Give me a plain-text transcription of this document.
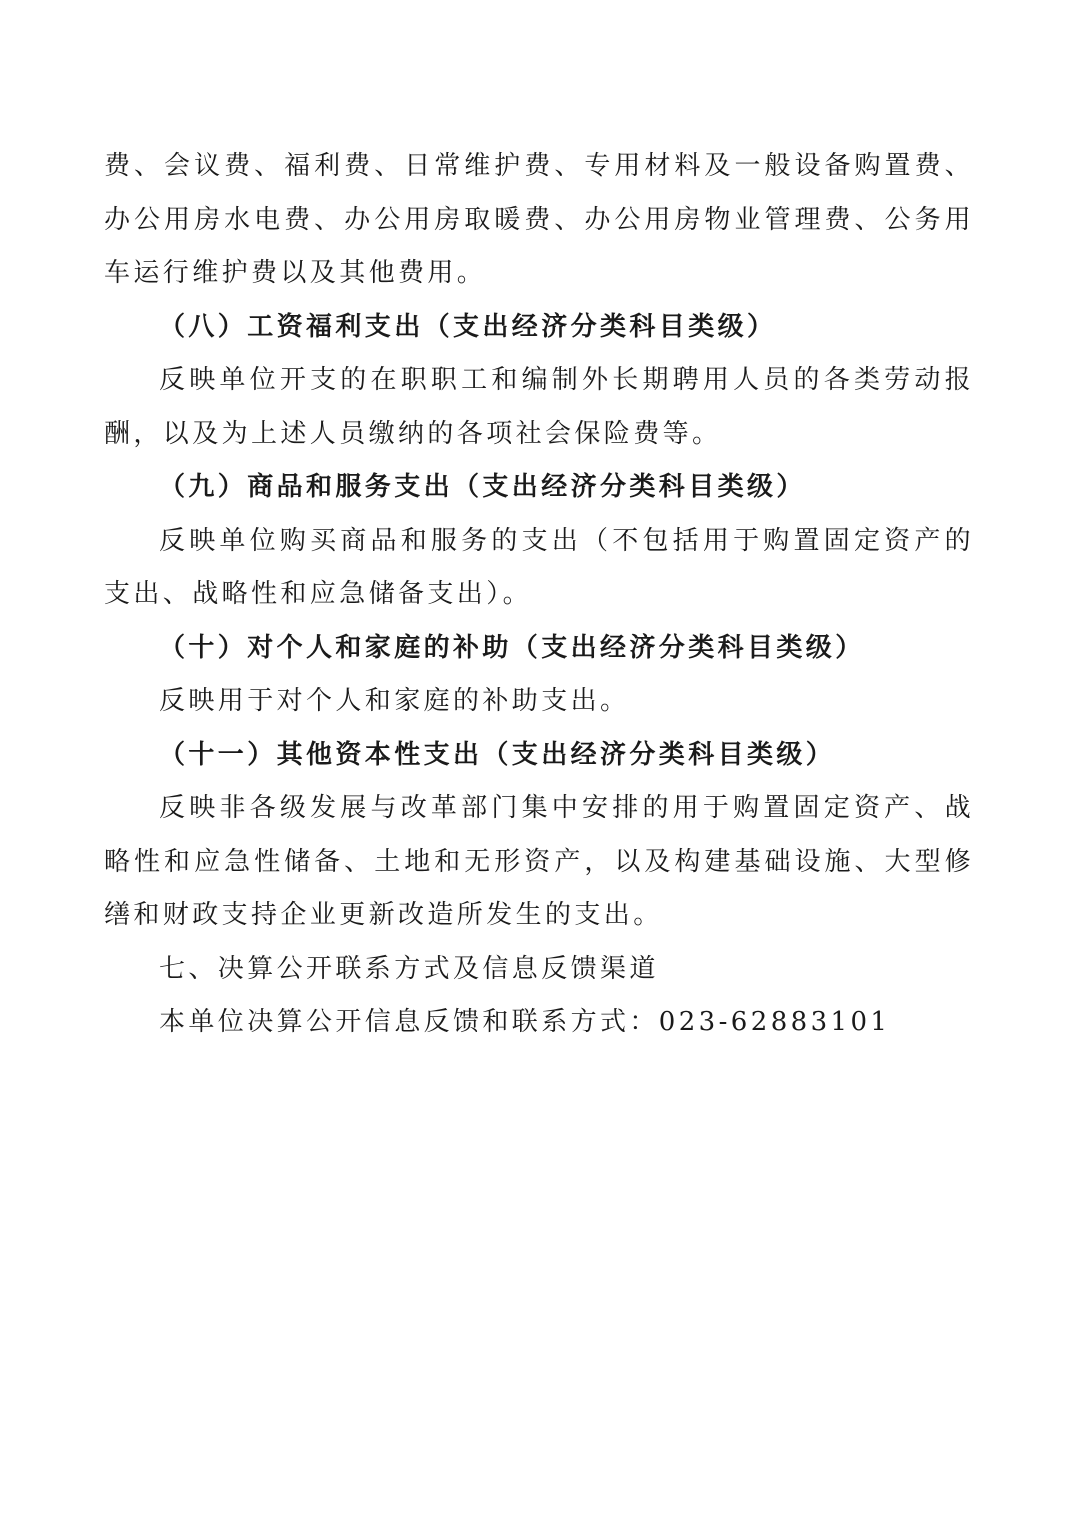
费、会议费、福利费、日常维护费、专用材料及一般设备购置费、办公用房水电费、办公用房取暖费、办公用房物业管理费、公务用车运行维护费以及其他费用。

（八）工资福利支出（支出经济分类科目类级）

反映单位开支的在职职工和编制外长期聘用人员的各类劳动报酬，以及为上述人员缴纳的各项社会保险费等。

（九）商品和服务支出（支出经济分类科目类级）

反映单位购买商品和服务的支出（不包括用于购置固定资产的支出、战略性和应急储备支出）。

（十）对个人和家庭的补助（支出经济分类科目类级）

反映用于对个人和家庭的补助支出。

（十一）其他资本性支出（支出经济分类科目类级）

反映非各级发展与改革部门集中安排的用于购置固定资产、战略性和应急性储备、土地和无形资产，以及构建基础设施、大型修缮和财政支持企业更新改造所发生的支出。

七、决算公开联系方式及信息反馈渠道

本单位决算公开信息反馈和联系方式：023-62883101
